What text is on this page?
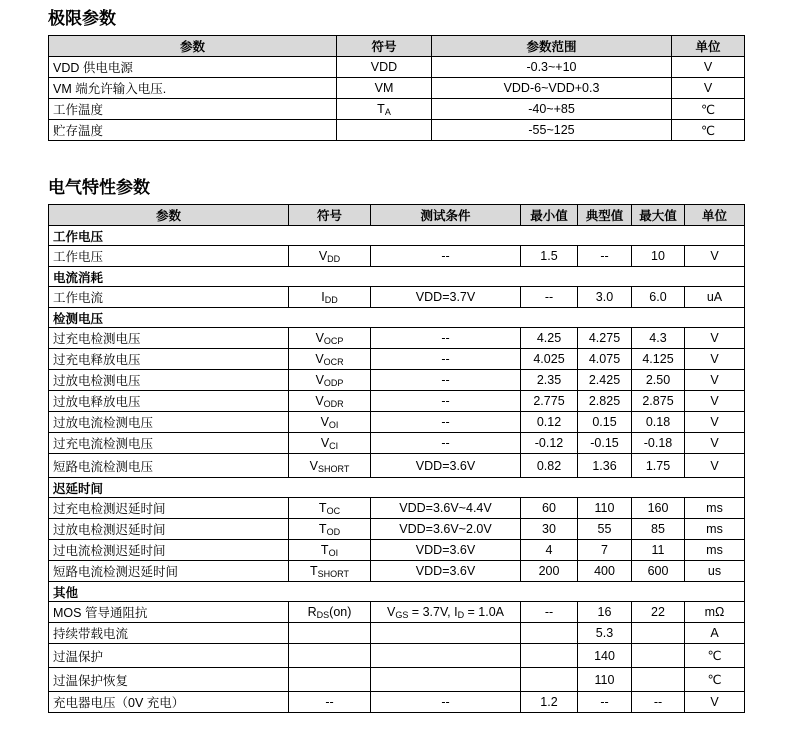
极限参数
参数	符号	参数范围	单位
VDD 供电电源	VDD	-0.3~+10	V
VM 端允许输入电压.	VM	VDD-6~VDD+0.3	V
工作温度	$T_A$	-40~+85	℃
贮存温度		-55~125	℃
电气特性参数
参数	符号	测试条件	最小值	典型值	最大值	单位
工作电压						
工作电压	$V_{DD}$	--	1.5	--	10	V
电流消耗						
工作电流	$I_{DD}$	VDD=3.7V	--	3.0	6.0	uA
检测电压						
过充电检测电压	$V_{OCP}$	--	4.25	4.275	4.3	V
过充电释放电压	$V_{OCR}$	--	4.025	4.075	4.125	V
过放电检测电压	$V_{ODP}$	--	2.35	2.425	2.50	V
过放电释放电压	$V_{ODR}$	--	2.775	2.825	2.875	V
过放电流检测电压	$V_{OI}$	--	0.12	0.15	0.18	V
过充电流检测电压	$V_{CI}$	--	-0.12	-0.15	-0.18	V
短路电流检测电压	$V_{SHORT}$	VDD=3.6V	0.82	1.36	1.75	V
迟延时间						
过充电检测迟延时间	$T_{OC}$	VDD=3.6V~4.4V	60	110	160	ms
过放电检测迟延时间	$T_{OD}$	VDD=3.6V~2.0V	30	55	85	ms
过电流检测迟延时间	$T_{OI}$	VDD=3.6V	4	7	11	ms
短路电流检测迟延时间	$T_{SHORT}$	VDD=3.6V	200	400	600	us
其他						
MOS 管导通阻抗	$R_{DS}(on)$	$V_{GS} = 3.7V$, $I_D = 1.0A$	--	16	22	mΩ
持续带载电流				5.3		A
过温保护				140		℃
过温保护恢复				110		℃
充电器电压（0V 充电）	--	--	1.2	--	--	V
